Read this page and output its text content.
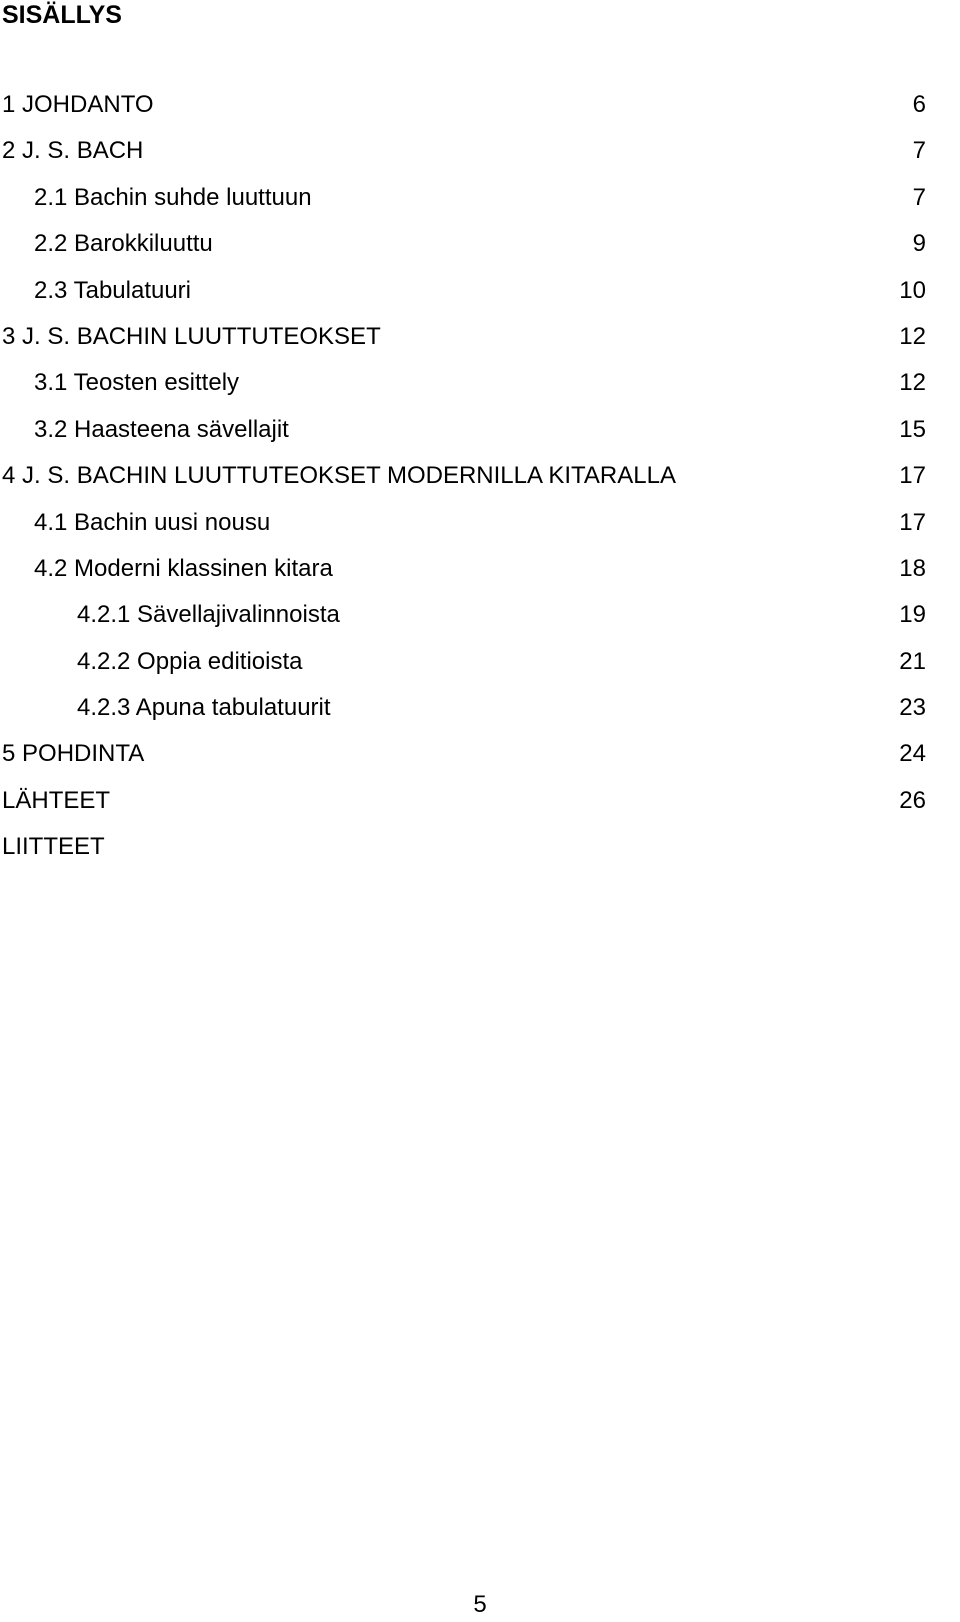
SISÄLLYS
1 JOHDANTO	6
2 J. S. BACH	7
2.1 Bachin suhde luuttuun	7
2.2 Barokkiluuttu	9
2.3 Tabulatuuri	10
3 J. S. BACHIN LUUTTUTEOKSET	12
3.1 Teosten esittely	12
3.2 Haasteena sävellajit	15
4 J. S. BACHIN LUUTTUTEOKSET MODERNILLA KITARALLA	17
4.1 Bachin uusi nousu	17
4.2 Moderni klassinen kitara	18
4.2.1 Sävellajivalinnoista	19
4.2.2 Oppia editioista	21
4.2.3 Apuna tabulatuurit	23
5 POHDINTA	24
LÄHTEET	26
LIITTEET
5
